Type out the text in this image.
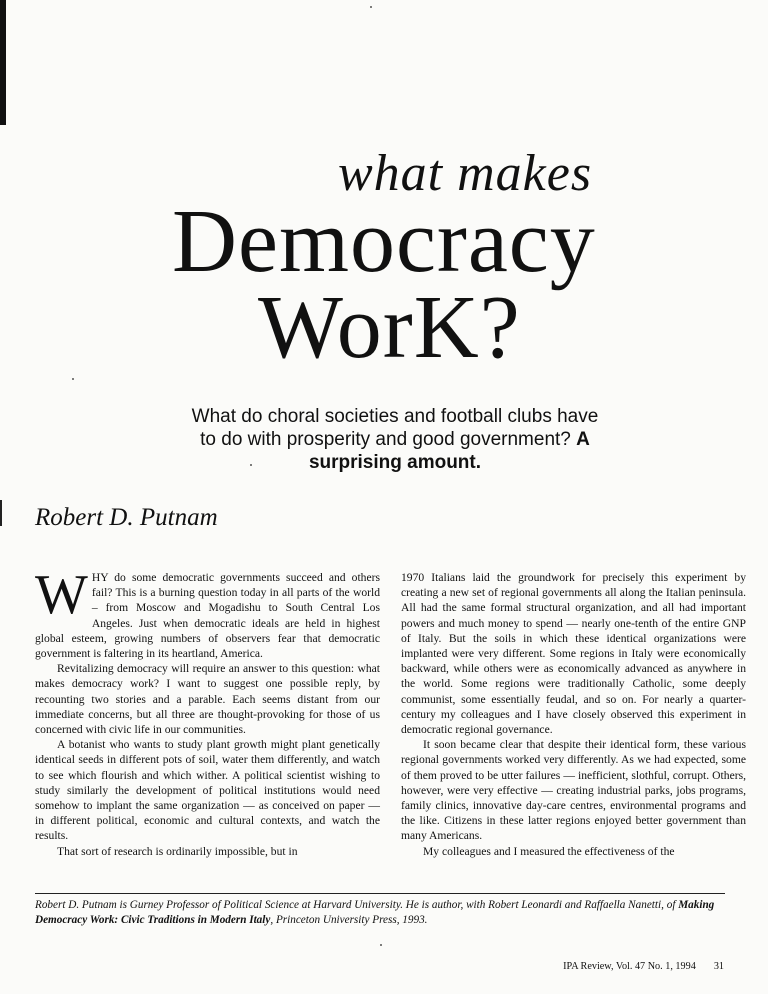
what makes
Democracy
WorK?
What do choral societies and football clubs have to do with prosperity and good government? A surprising amount.
Robert D. Putnam

WHY do some democratic governments succeed and others fail? This is a burning question today in all parts of the world – from Moscow and Mogadishu to South Central Los Angeles. Just when democratic ideals are held in highest global esteem, growing numbers of observers fear that democratic government is faltering in its heartland, America.

Revitalizing democracy will require an answer to this question: what makes democracy work? I want to suggest one possible reply, by recounting two stories and a parable. Each seems distant from our immediate concerns, but all three are thought-provoking for those of us concerned with civic life in our communities.

A botanist who wants to study plant growth might plant genetically identical seeds in different pots of soil, water them differently, and watch to see which flourish and which wither. A political scientist wishing to study similarly the development of political institutions would need somehow to implant the same organization — as conceived on paper — in different political, economic and cultural contexts, and watch the results.

That sort of research is ordinarily impossible, but in

1970 Italians laid the groundwork for precisely this experiment by creating a new set of regional governments all along the Italian peninsula. All had the same formal structural organization, and all had important powers and much money to spend — nearly one-tenth of the entire GNP of Italy. But the soils in which these identical organizations were implanted were very different. Some regions in Italy were economically backward, while others were as economically advanced as anywhere in the world. Some regions were traditionally Catholic, some deeply communist, some essentially feudal, and so on. For nearly a quarter-century my colleagues and I have closely observed this experiment in democratic regional governance.

It soon became clear that despite their identical form, these various regional governments worked very differently. As we had expected, some of them proved to be utter failures — inefficient, slothful, corrupt. Others, however, were very effective — creating industrial parks, jobs programs, family clinics, innovative day-care centres, environmental programs and the like. Citizens in these latter regions enjoyed better government than many Americans.

My colleagues and I measured the effectiveness of the

Robert D. Putnam is Gurney Professor of Political Science at Harvard University. He is author, with Robert Leonardi and Raffaella Nanetti, of Making Democracy Work: Civic Traditions in Modern Italy, Princeton University Press, 1993.
IPA Review, Vol. 47 No. 1, 1994 31
